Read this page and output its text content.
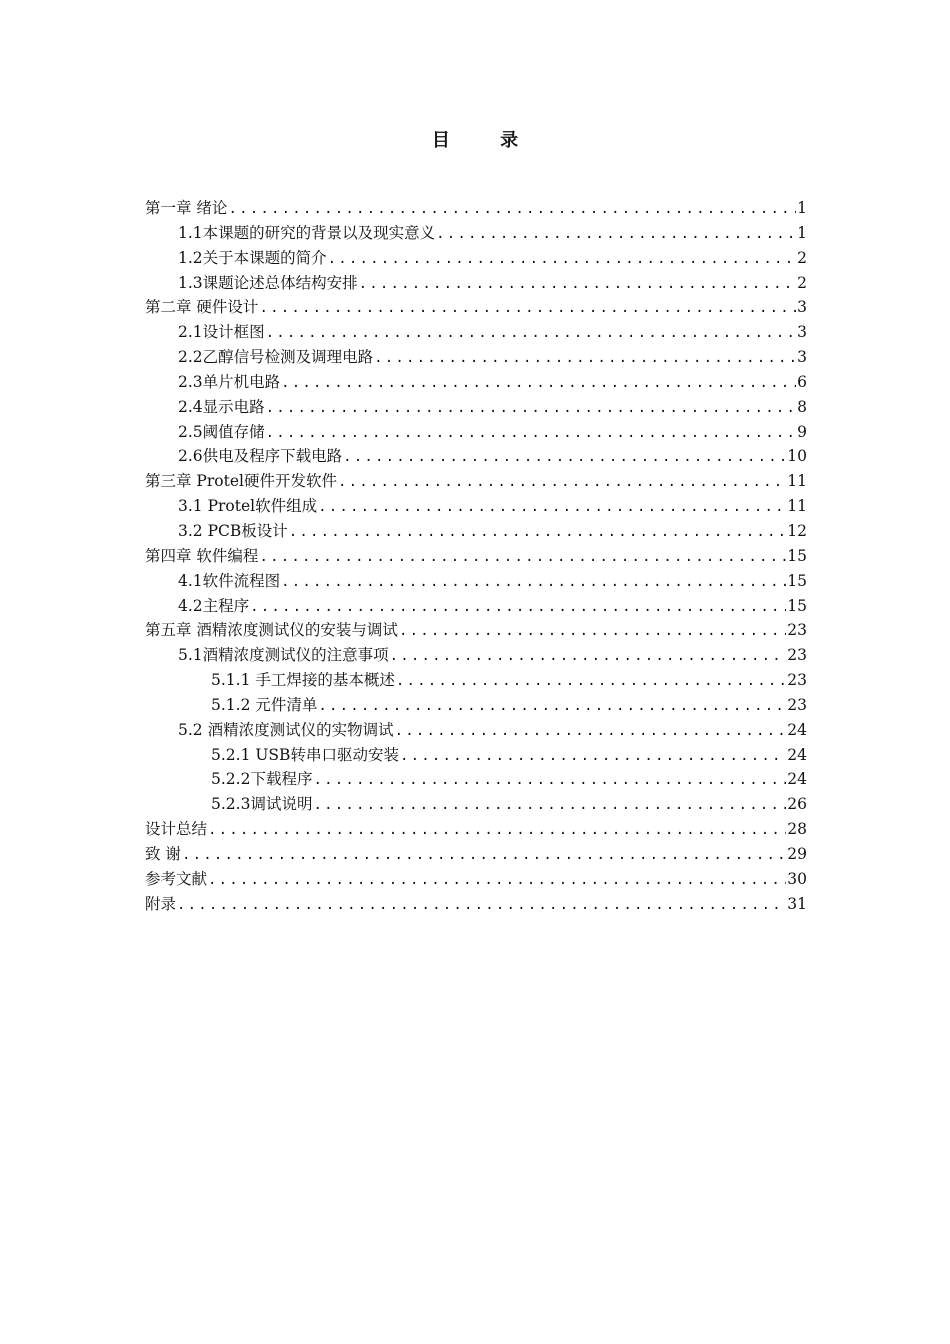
目 录
第一章 绪论 .....	1
1.1本课题的研究的背景以及现实意义 .....	1
1.2关于本课题的简介 .....	2
1.3课题论述总体结构安排 .....	2
第二章 硬件设计 .....	3
2.1设计框图 .....	3
2.2乙醇信号检测及调理电路 .....	3
2.3单片机电路 .....	6
2.4显示电路 .....	8
2.5阈值存储 .....	9
2.6供电及程序下载电路 .....	10
第三章 Protel硬件开发软件 .....	11
3.1 Protel软件组成 .....	11
3.2 PCB板设计 .....	12
第四章 软件编程 .....	15
4.1软件流程图 .....	15
4.2主程序 .....	15
第五章 酒精浓度测试仪的安装与调试 .....	23
5.1酒精浓度测试仪的注意事项 .....	23
5.1.1 手工焊接的基本概述 .....	23
5.1.2 元件清单 .....	23
5.2 酒精浓度测试仪的实物调试 .....	24
5.2.1 USB转串口驱动安装 .....	24
5.2.2下载程序 .....	24
5.2.3调试说明 .....	26
设计总结 .....	28
致 谢 .....	29
参考文献 .....	30
附录 .....	31
